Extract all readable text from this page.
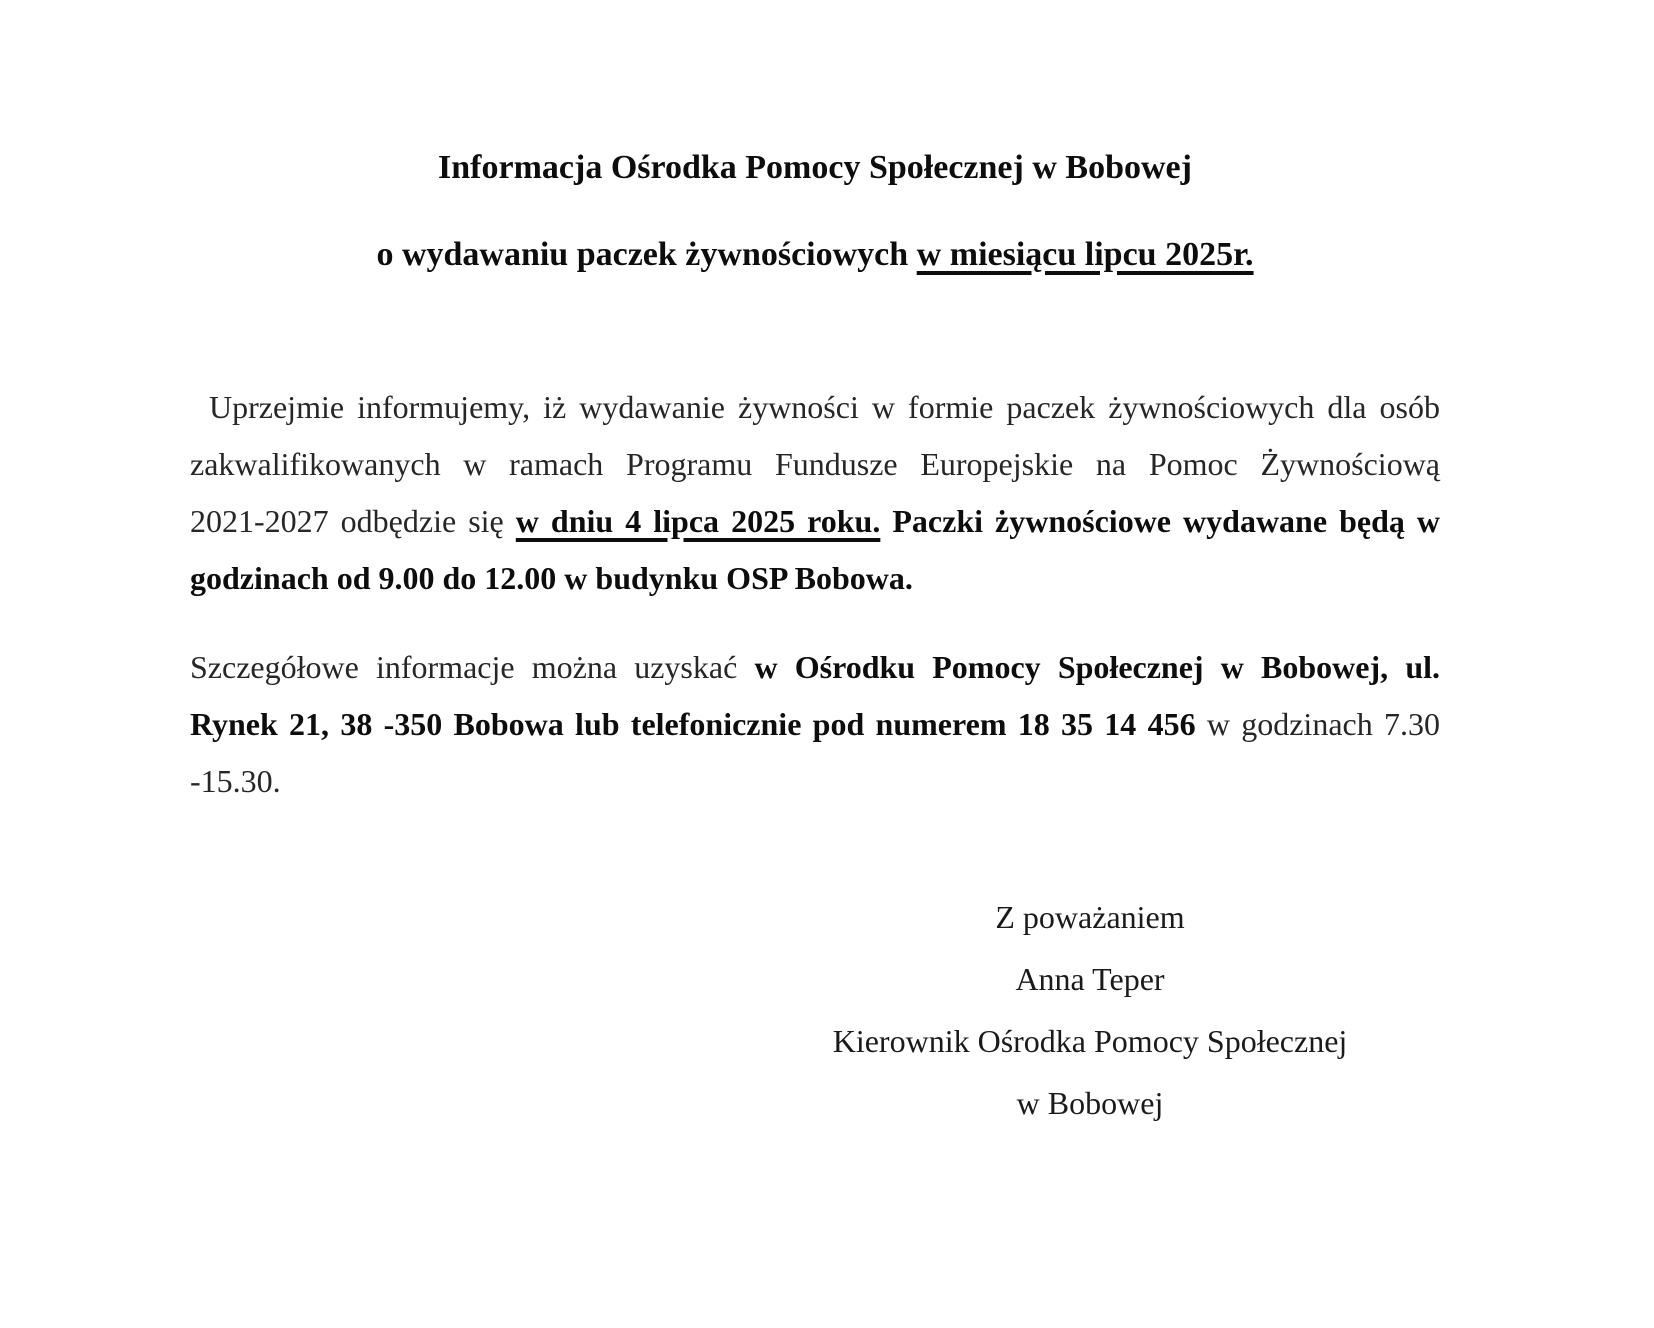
Informacja Ośrodka Pomocy Społecznej w Bobowej
o wydawaniu paczek żywnościowych w miesiącu lipcu 2025r.
Uprzejmie informujemy, iż wydawanie żywności w formie paczek żywnościowych dla osób
zakwalifikowanych w ramach Programu Fundusze Europejskie na Pomoc Żywnościową
2021-2027 odbędzie się w dniu 4 lipca 2025 roku. Paczki żywnościowe wydawane będą w
godzinach od 9.00 do 12.00 w budynku OSP Bobowa.
Szczegółowe informacje można uzyskać w Ośrodku Pomocy Społecznej w Bobowej, ul.
Rynek 21, 38 -350 Bobowa lub telefonicznie pod numerem 18 35 14 456 w godzinach 7.30
-15.30.
Z poważaniem
Anna Teper
Kierownik Ośrodka Pomocy Społecznej
w Bobowej
